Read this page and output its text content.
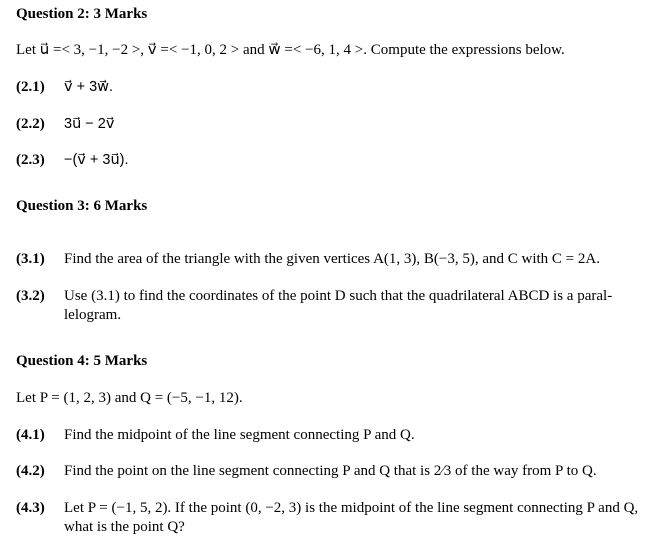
Question 2: 3 Marks
Let u⃗ =< 3, −1, −2 >, v⃗ =< −1, 0, 2 > and w⃗ =< −6, 1, 4 >. Compute the expressions below.
(2.1) v⃗ + 3w⃗.
(2.2) 3u⃗ − 2v⃗
(2.3) −(v⃗ + 3u⃗).
Question 3: 6 Marks
(3.1) Find the area of the triangle with the given vertices A(1, 3), B(−3, 5), and C with C = 2A.
(3.2) Use (3.1) to find the coordinates of the point D such that the quadrilateral ABCD is a paral-lelogram.
Question 4: 5 Marks
Let P = (1, 2, 3) and Q = (−5, −1, 12).
(4.1) Find the midpoint of the line segment connecting P and Q.
(4.2) Find the point on the line segment connecting P and Q that is 2⁄3 of the way from P to Q.
(4.3) Let P = (−1, 5, 2). If the point (0, −2, 3) is the midpoint of the line segment connecting P and Q, what is the point Q?
